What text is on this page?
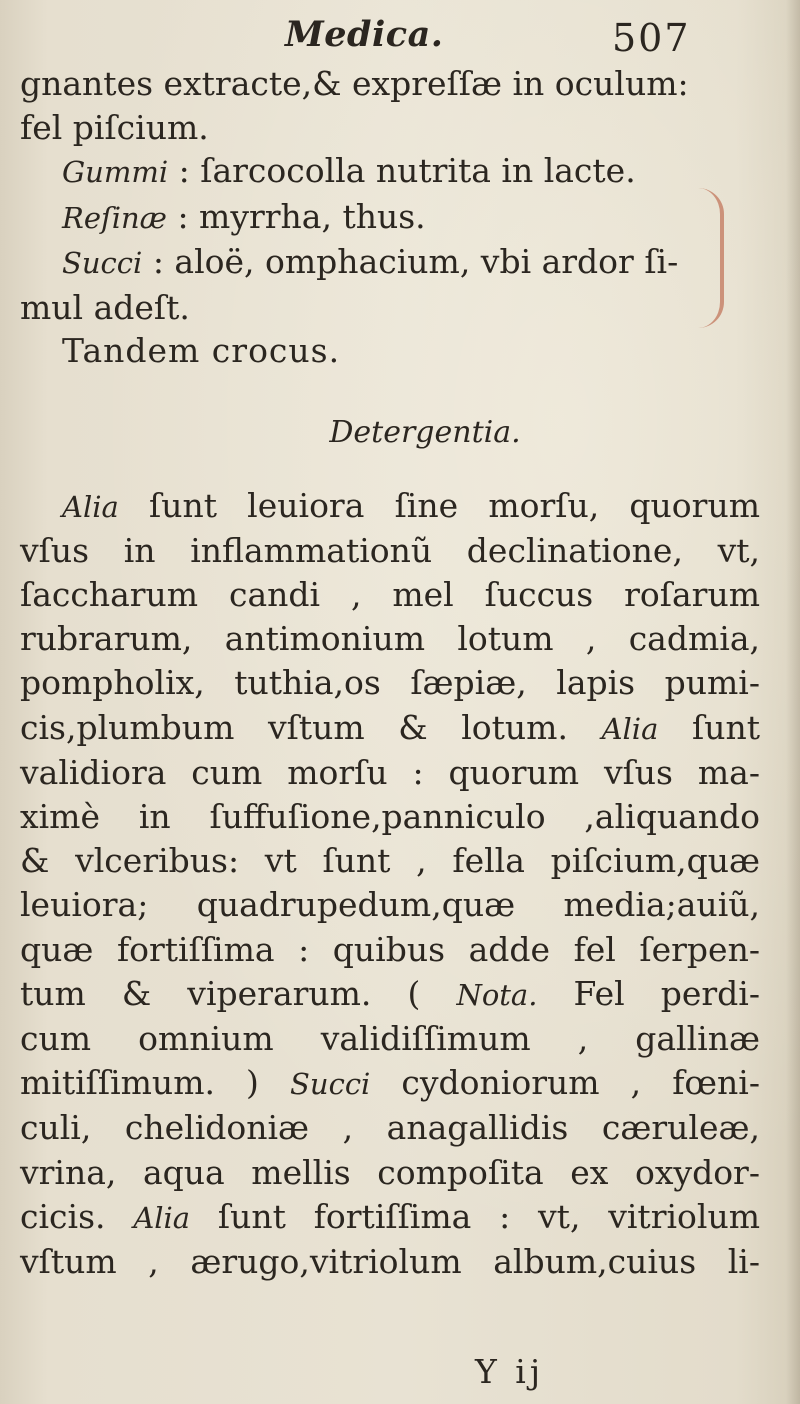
Medica.	507
gnantes extracte,& expreſſæ in oculum:
fel piſcium.
Gummi : ſarcocolla nutrita in lacte.
Reſinæ : myrrha, thus.
Succi : aloë, omphacium, vbi ardor ſi-
mul adeſt.
Tandem crocus.
Detergentia.
Alia ſunt leuiora ſine morſu, quorum
vſus in inflammationũ declinatione, vt,
ſaccharum candi , mel ſuccus roſarum
rubrarum, antimonium lotum , cadmia,
pompholix, tuthia,os ſæpiæ, lapis pumi-
cis,plumbum vſtum & lotum. Alia ſunt
validiora cum morſu : quorum vſus ma-
ximè in ſuffuſione,panniculo ,aliquando
& vlceribus: vt ſunt , fella piſcium,quæ
leuiora; quadrupedum,quæ media;auiũ,
quæ fortiſſima : quibus adde fel ſerpen-
tum & viperarum. ( Nota. Fel perdi-
cum omnium validiſſimum , gallinæ
mitiſſimum. ) Succi cydoniorum , fœni-
culi, chelidoniæ , anagallidis cæruleæ,
vrina, aqua mellis compoſita ex oxydor-
cicis. Alia ſunt fortiſſima : vt, vitriolum
vſtum , ærugo,vitriolum album,cuius li-
Y ij
